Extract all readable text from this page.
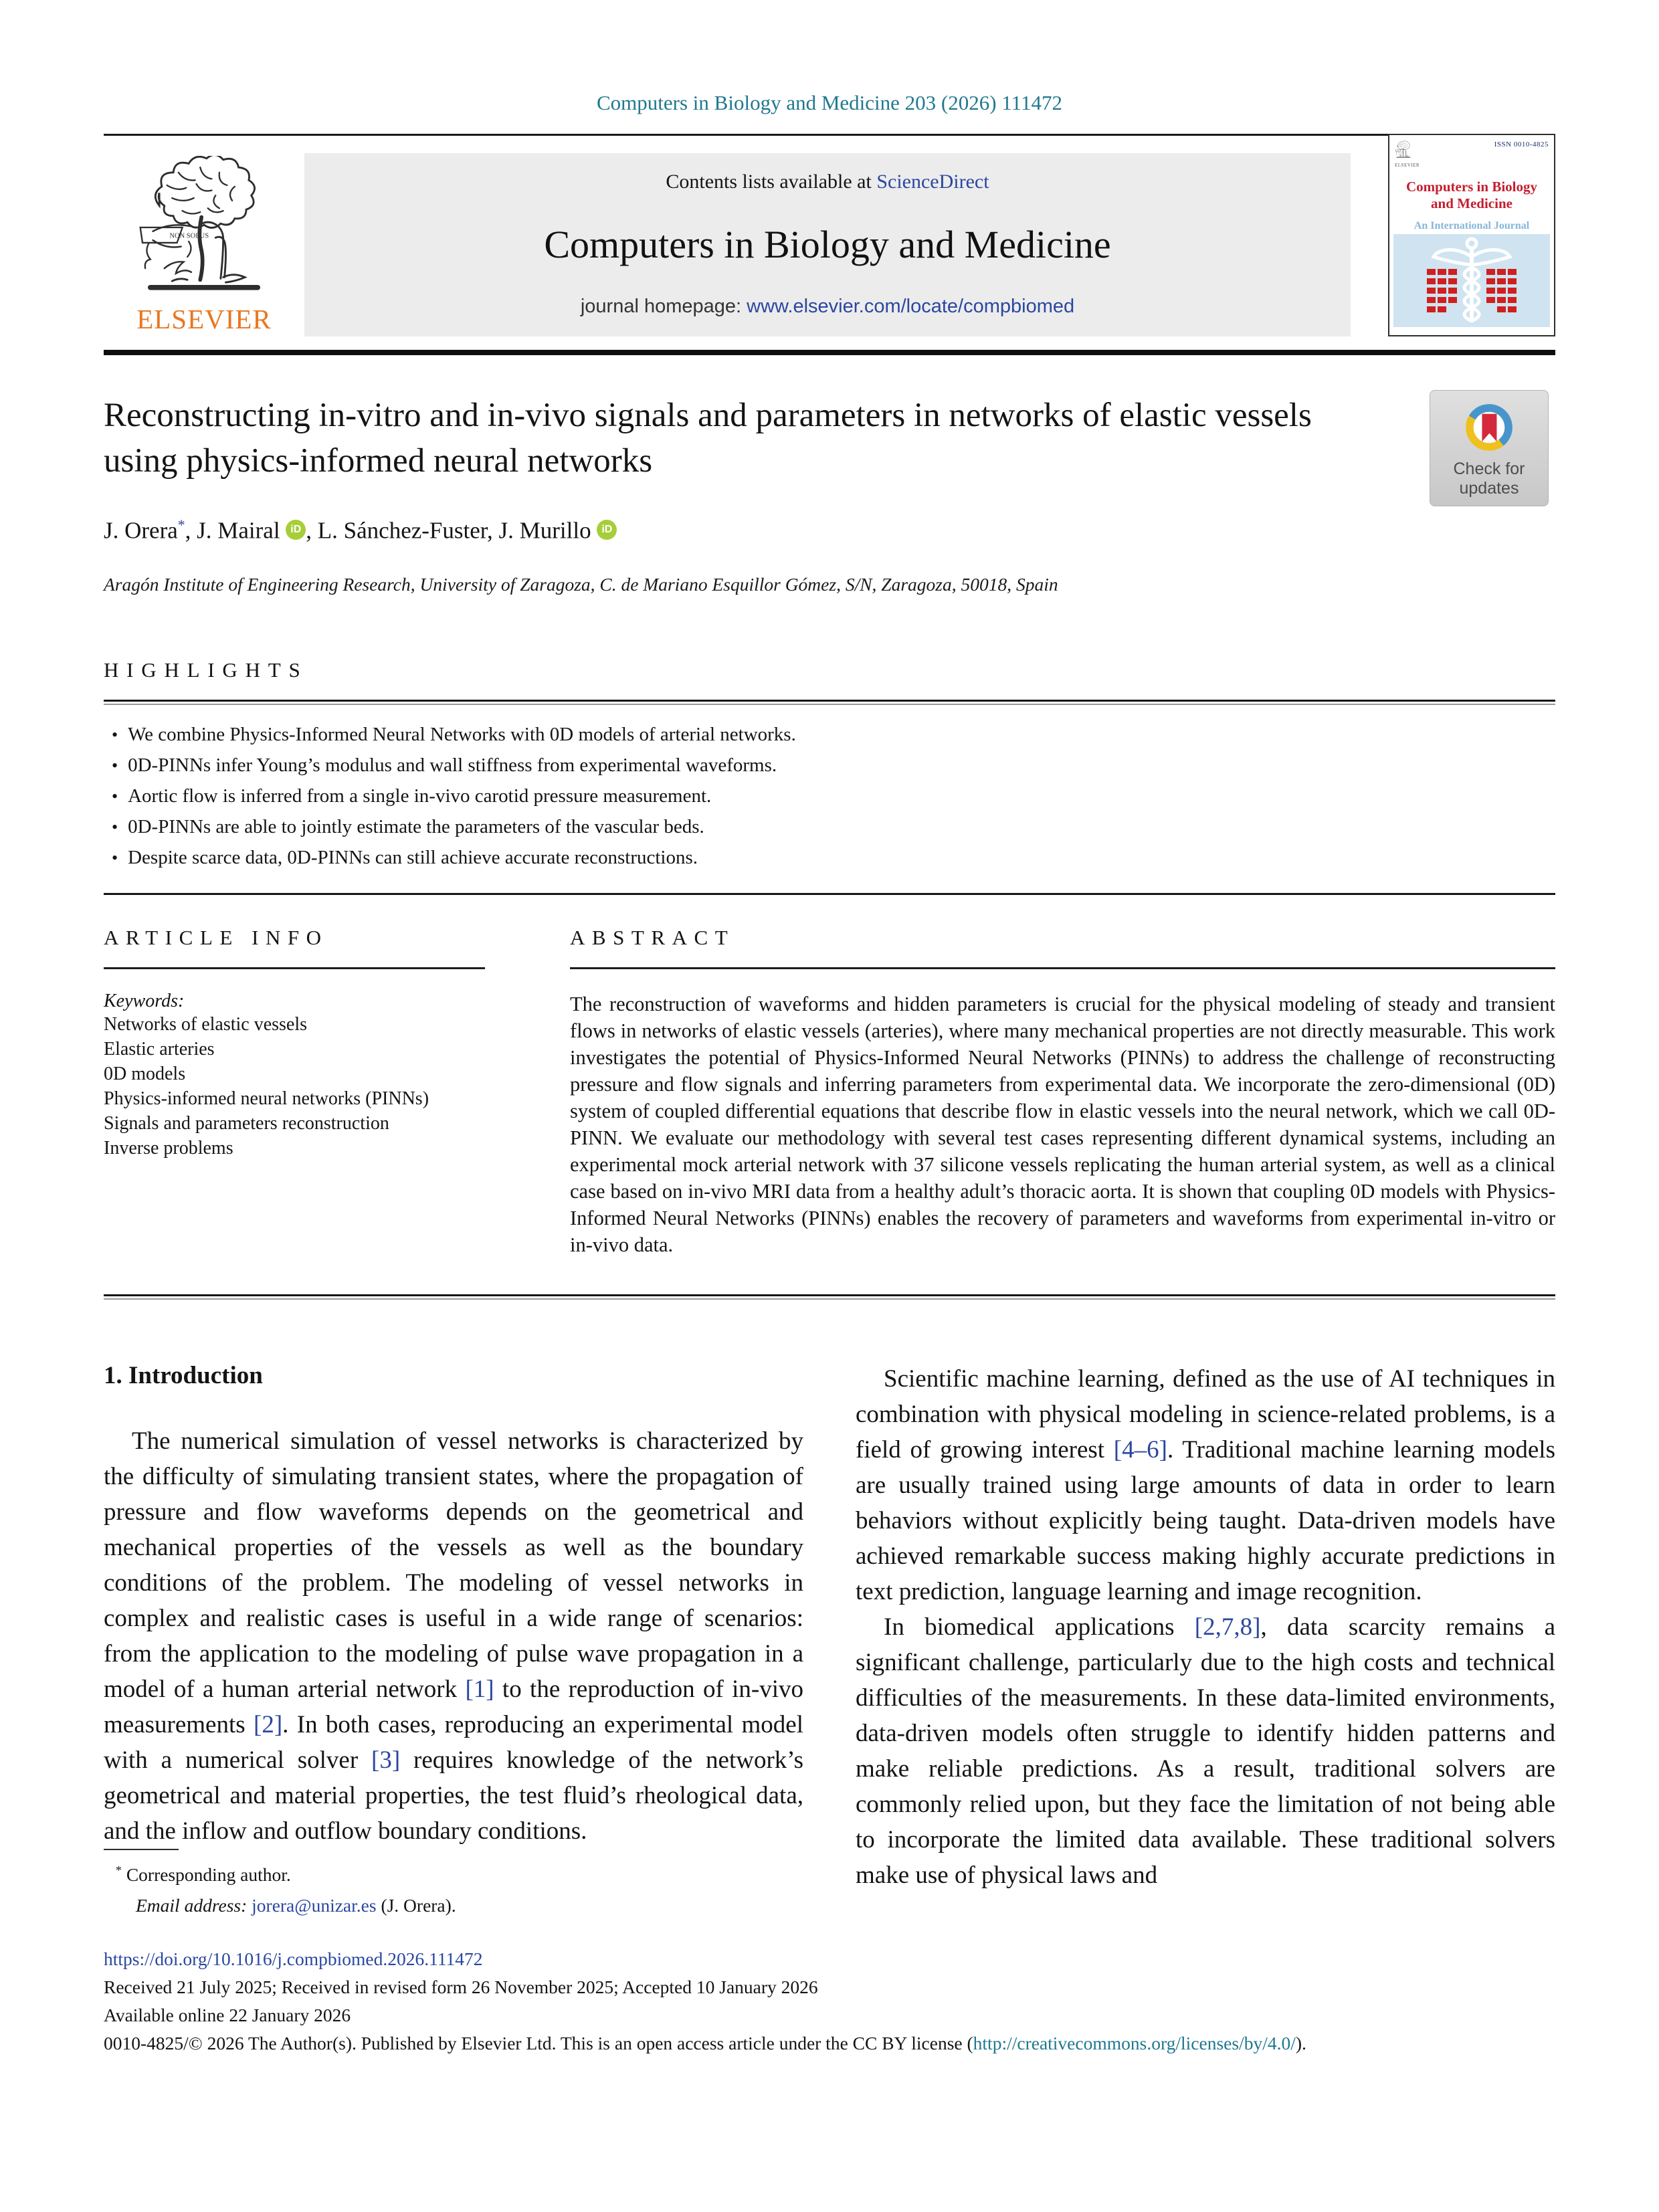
Computers in Biology and Medicine 203 (2026) 111472
NON SOLUS
ELSEVIER
Contents lists available at ScienceDirect
Computers in Biology and Medicine
journal homepage: www.elsevier.com/locate/compbiomed
ELSEVIER
ISSN 0010-4825
Computers in Biology and Medicine
An International Journal
Reconstructing in-vitro and in-vivo signals and parameters in networks of elastic vessels using physics-informed neural networks	Check for
updates
J. Orera*, J. Mairal iD , L. Sánchez-Fuster, J. Murillo iD
Aragón Institute of Engineering Research, University of Zaragoza, C. de Mariano Esquillor Gómez, S/N, Zaragoza, 50018, Spain
HIGHLIGHTS
• We combine Physics-Informed Neural Networks with 0D models of arterial networks.
• 0D-PINNs infer Young’s modulus and wall stiffness from experimental waveforms.
• Aortic flow is inferred from a single in-vivo carotid pressure measurement.
• 0D-PINNs are able to jointly estimate the parameters of the vascular beds.
• Despite scarce data, 0D-PINNs can still achieve accurate reconstructions.
ARTICLE INFO
Keywords:
Networks of elastic vessels
Elastic arteries
0D models
Physics-informed neural networks (PINNs)
Signals and parameters reconstruction
Inverse problems
ABSTRACT
The reconstruction of waveforms and hidden parameters is crucial for the physical modeling of steady and transient flows in networks of elastic vessels (arteries), where many mechanical properties are not directly measurable. This work investigates the potential of Physics-Informed Neural Networks (PINNs) to address the challenge of reconstructing pressure and flow signals and inferring parameters from experimental data. We incorporate the zero-dimensional (0D) system of coupled differential equations that describe flow in elastic vessels into the neural network, which we call 0D-PINN. We evaluate our methodology with several test cases representing different dynamical systems, including an experimental mock arterial network with 37 silicone vessels replicating the human arterial system, as well as a clinical case based on in-vivo MRI data from a healthy adult’s thoracic aorta. It is shown that coupling 0D models with Physics-Informed Neural Networks (PINNs) enables the recovery of parameters and waveforms from experimental in-vitro or in-vivo data.
1. Introduction

The numerical simulation of vessel networks is characterized by the difficulty of simulating transient states, where the propagation of pressure and flow waveforms depends on the geometrical and mechanical properties of the vessels as well as the boundary conditions of the problem. The modeling of vessel networks in complex and realistic cases is useful in a wide range of scenarios: from the application to the modeling of pulse wave propagation in a model of a human arterial network [1] to the reproduction of in-vivo measurements [2]. In both cases, reproducing an experimental model with a numerical solver [3] requires knowledge of the network’s geometrical and material properties, the test fluid’s rheological data, and the inflow and outflow boundary conditions.

Scientific machine learning, defined as the use of AI techniques in combination with physical modeling in science-related problems, is a field of growing interest [4–6]. Traditional machine learning models are usually trained using large amounts of data in order to learn behaviors without explicitly being taught. Data-driven models have achieved remarkable success making highly accurate predictions in text prediction, language learning and image recognition.

In biomedical applications [2,7,8], data scarcity remains a significant challenge, particularly due to the high costs and technical difficulties of the measurements. In these data-limited environments, data-driven models often struggle to identify hidden patterns and make reliable predictions. As a result, traditional solvers are commonly relied upon, but they face the limitation of not being able to incorporate the limited data available. These traditional solvers make use of physical laws and

* Corresponding author.
Email address: jorera@unizar.es (J. Orera).
https://doi.org/10.1016/j.compbiomed.2026.111472
Received 21 July 2025; Received in revised form 26 November 2025; Accepted 10 January 2026
Available online 22 January 2026
0010-4825/© 2026 The Author(s). Published by Elsevier Ltd. This is an open access article under the CC BY license (http://creativecommons.org/licenses/by/4.0/).
